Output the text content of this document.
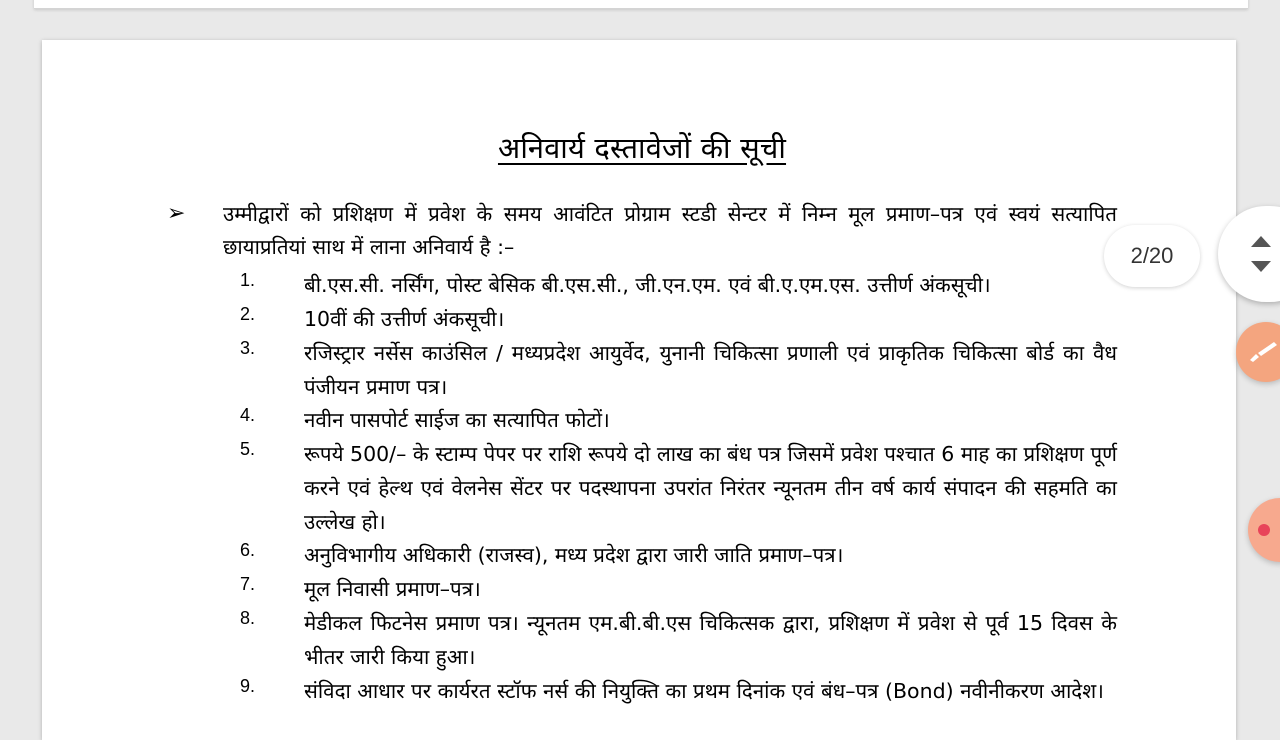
अनिवार्य दस्तावेजों की सूची
➢ उम्मीद्वारों को प्रशिक्षण में प्रवेश के समय आवंटित प्रोग्राम स्टडी सेन्टर में निम्न मूल प्रमाण–पत्र एवं स्वयं सत्यापित छायाप्रतियां साथ में लाना अनिवार्य है :–
1. बी.एस.सी. नर्सिंग, पोस्ट बेसिक बी.एस.सी., जी.एन.एम. एवं बी.ए.एम.एस. उत्तीर्ण अंकसूची।
2. 10वीं की उत्तीर्ण अंकसूची।
3. रजिस्ट्रार नर्सेस काउंसिल / मध्यप्रदेश आयुर्वेद, युनानी चिकित्सा प्रणाली एवं प्राकृतिक चिकित्सा बोर्ड का वैध पंजीयन प्रमाण पत्र।
4. नवीन पासपोर्ट साईज का सत्यापित फोटों।
5. रूपये 500/– के स्टाम्प पेपर पर राशि रूपये दो लाख का बंध पत्र जिसमें प्रवेश पश्चात 6 माह का प्रशिक्षण पूर्ण करने एवं हेल्थ एवं वेलनेस सेंटर पर पदस्थापना उपरांत निरंतर न्यूनतम तीन वर्ष कार्य संपादन की सहमति का उल्लेख हो।
6. अनुविभागीय अधिकारी (राजस्व), मध्य प्रदेश द्वारा जारी जाति प्रमाण–पत्र।
7. मूल निवासी प्रमाण–पत्र।
8. मेडीकल फिटनेस प्रमाण पत्र। न्यूनतम एम.बी.बी.एस चिकित्सक द्वारा, प्रशिक्षण में प्रवेश से पूर्व 15 दिवस के भीतर जारी किया हुआ।
9. संविदा आधार पर कार्यरत स्टॉफ नर्स की नियुक्ति का प्रथम दिनांक एवं बंध–पत्र (Bond) नवीनीकरण आदेश।
2/20
